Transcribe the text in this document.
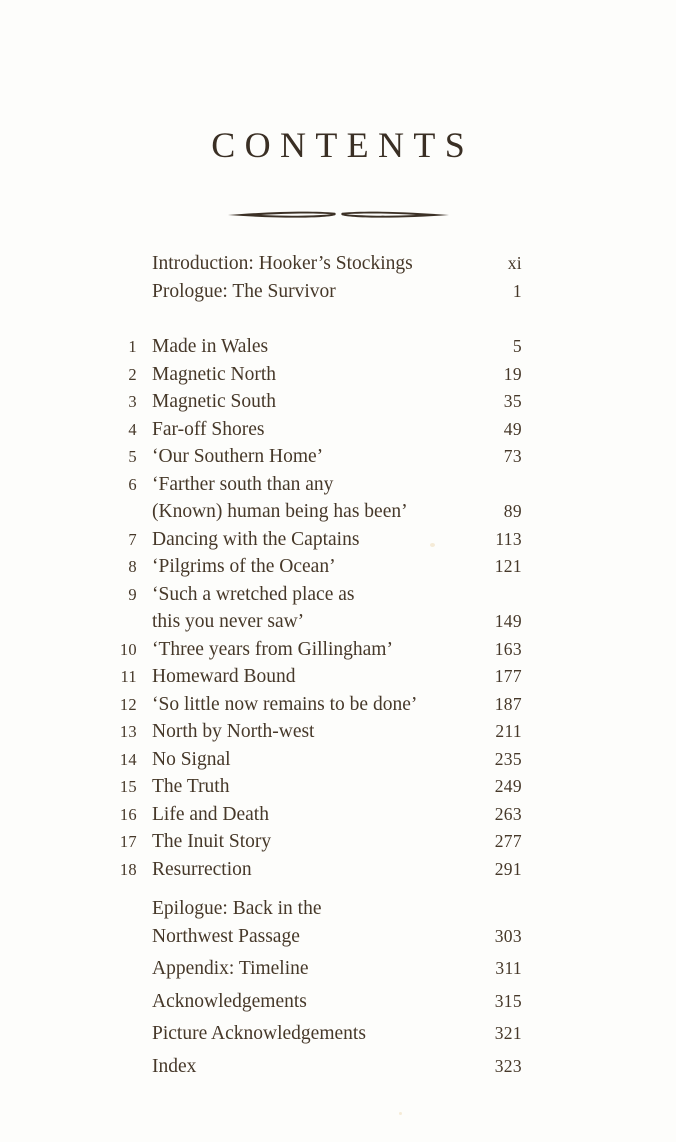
CONTENTS
Introduction: Hooker’s Stockings	xi
Prologue: The Survivor	1
1 Made in Wales	5
2 Magnetic North	19
3 Magnetic South	35
4 Far-off Shores	49
5 ‘Our Southern Home’	73
6 ‘Farther south than any
(Known) human being has been’	89
7 Dancing with the Captains	113
8 ‘Pilgrims of the Ocean’	121
9 ‘Such a wretched place as
this you never saw’	149
10 ‘Three years from Gillingham’	163
11 Homeward Bound	177
12 ‘So little now remains to be done’	187
13 North by North-west	211
14 No Signal	235
15 The Truth	249
16 Life and Death	263
17 The Inuit Story	277
18 Resurrection	291
Epilogue: Back in the
Northwest Passage	303
Appendix: Timeline	311
Acknowledgements	315
Picture Acknowledgements	321
Index	323
